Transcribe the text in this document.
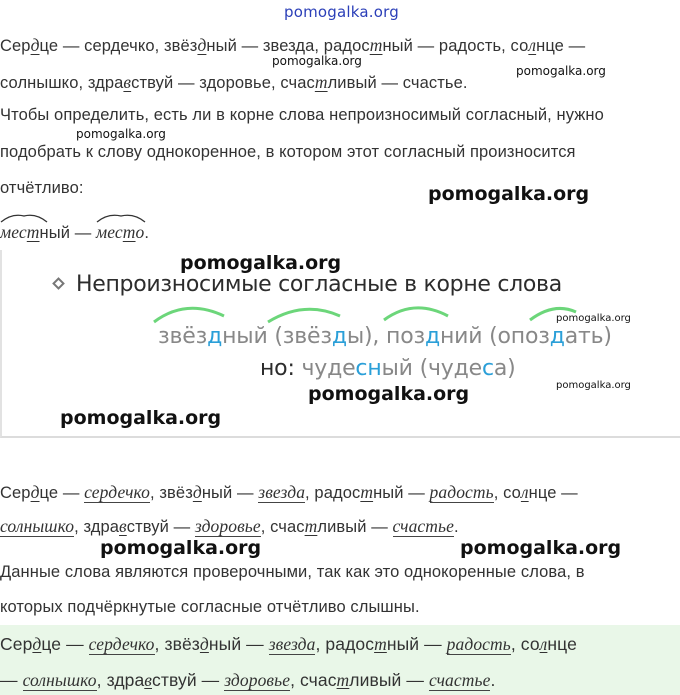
pomogalka.org
pomogalka.org
pomogalka.org
pomogalka.org
pomogalka.org
Сердце — сердечко, звёздный — звезда, радостный — радость, солнце —
солнышко, здравствуй — здоровье, счастливый — счастье.
Чтобы определить, есть ли в корне слова непроизносимый согласный, нужно
подобрать к слову однокоренное, в котором этот согласный произносится
отчётливо:
местный —
место.
Непроизносимые согласные в корне слова
звёздный (звёзды), поздний (опоздать)
но: чудесный (чудеса)
pomogalka.org
pomogalka.org
pomogalka.org
pomogalka.org
pomogalka.org
Сердце — сердечко, звёздный — звезда, радостный — радость, солнце —
солнышко, здравствуй — здоровье, счастливый — счастье.
pomogalka.org	pomogalka.org
Данные слова являются проверочными, так как это однокоренные слова, в
которых подчёркнутые согласные отчётливо слышны.
Сердце — сердечко, звёздный — звезда, радостный — радость, солнце
— солнышко, здравствуй — здоровье, счастливый — счастье.
